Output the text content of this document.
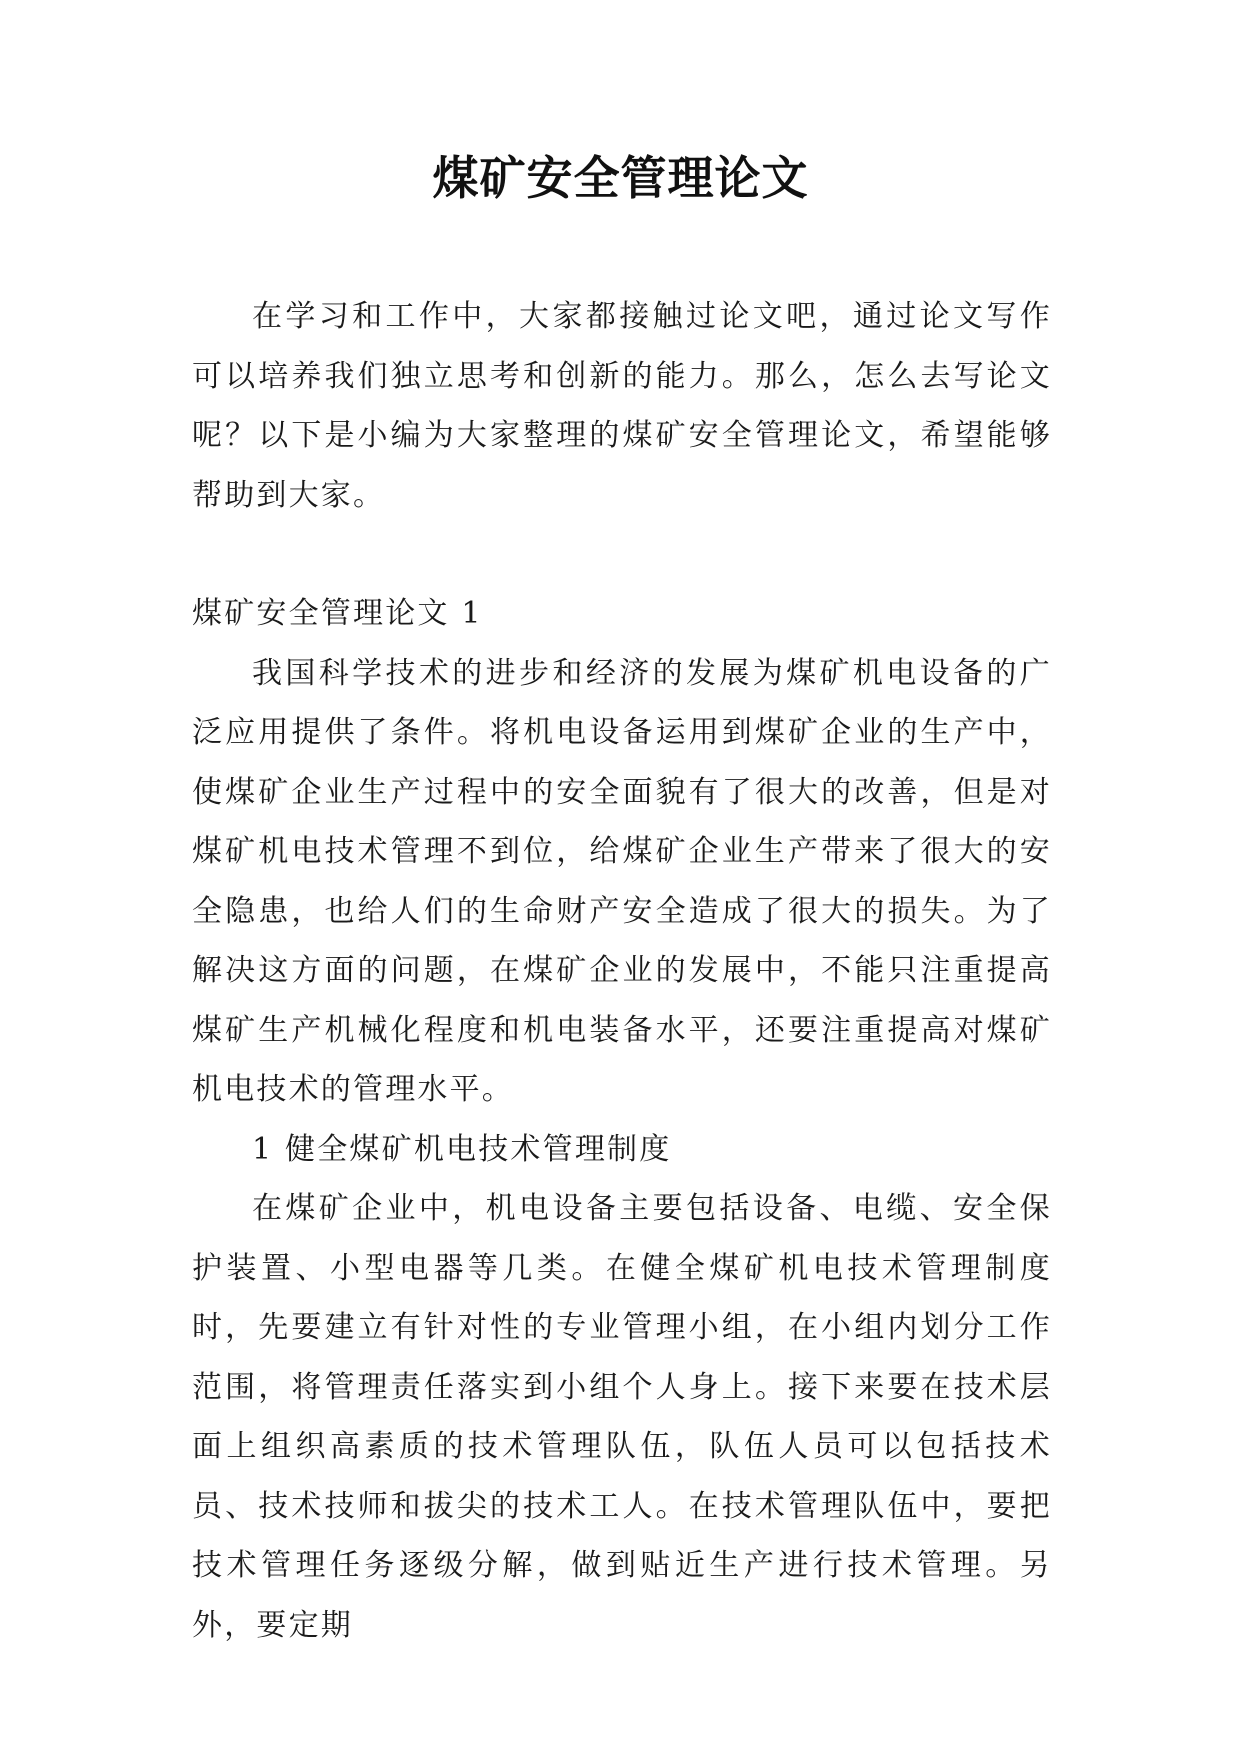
煤矿安全管理论文

在学习和工作中，大家都接触过论文吧，通过论文写作可以培养我们独立思考和创新的能力。那么，怎么去写论文呢？以下是小编为大家整理的煤矿安全管理论文，希望能够帮助到大家。

煤矿安全管理论文 1

我国科学技术的进步和经济的发展为煤矿机电设备的广泛应用提供了条件。将机电设备运用到煤矿企业的生产中，使煤矿企业生产过程中的安全面貌有了很大的改善，但是对煤矿机电技术管理不到位，给煤矿企业生产带来了很大的安全隐患，也给人们的生命财产安全造成了很大的损失。为了解决这方面的问题，在煤矿企业的发展中，不能只注重提高煤矿生产机械化程度和机电装备水平，还要注重提高对煤矿机电技术的管理水平。

1 健全煤矿机电技术管理制度

在煤矿企业中，机电设备主要包括设备、电缆、安全保护装置、小型电器等几类。在健全煤矿机电技术管理制度时，先要建立有针对性的专业管理小组，在小组内划分工作范围，将管理责任落实到小组个人身上。接下来要在技术层面上组织高素质的技术管理队伍，队伍人员可以包括技术员、技术技师和拔尖的技术工人。在技术管理队伍中，要把技术管理任务逐级分解，做到贴近生产进行技术管理。另外，要定期
